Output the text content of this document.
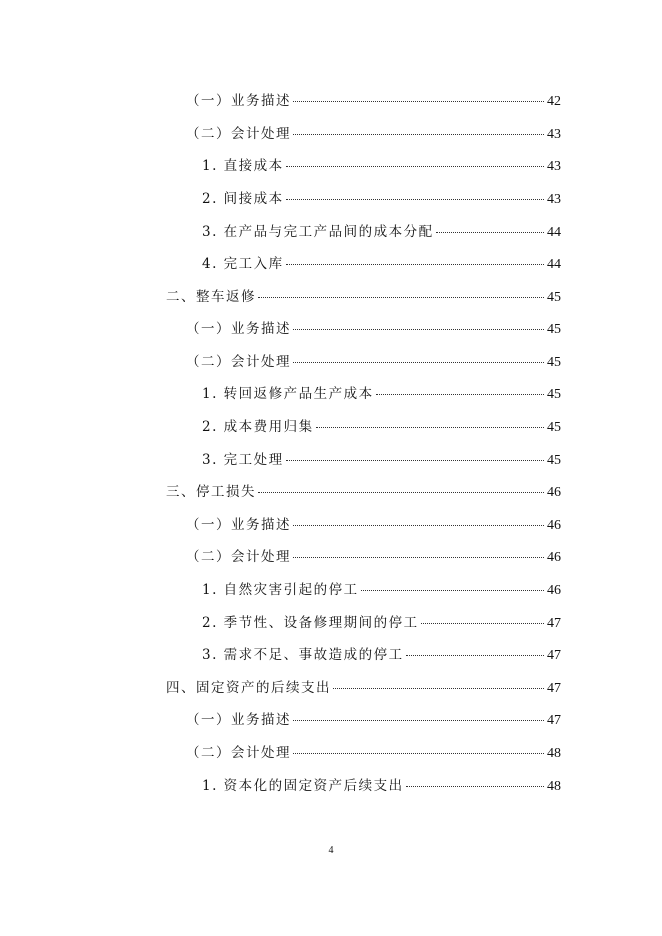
（一）业务描述	42
（二）会计处理	43
1. 直接成本	43
2. 间接成本	43
3. 在产品与完工产品间的成本分配	44
4. 完工入库	44
二、整车返修	45
（一）业务描述	45
（二）会计处理	45
1. 转回返修产品生产成本	45
2. 成本费用归集	45
3. 完工处理	45
三、停工损失	46
（一）业务描述	46
（二）会计处理	46
1. 自然灾害引起的停工	46
2. 季节性、设备修理期间的停工	47
3. 需求不足、事故造成的停工	47
四、固定资产的后续支出	47
（一）业务描述	47
（二）会计处理	48
1. 资本化的固定资产后续支出	48
4
